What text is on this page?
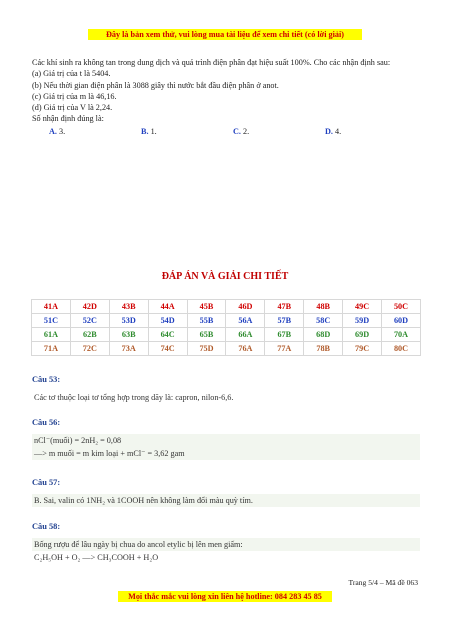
Đây là bản xem thử, vui lòng mua tài liệu để xem chi tiết (có lời giải)

Các khí sinh ra không tan trong dung dịch và quá trình điện phân đạt hiệu suất 100%. Cho các nhận định sau:

(a) Giá trị của t là 5404.

(b) Nếu thời gian điện phân là 3088 giây thì nước bắt đầu điện phân ở anot.

(c) Giá trị của m là 46,16.

(d) Giá trị của V là 2,24.

Số nhận định đúng là:

A. 3.	B. 1.	C. 2.	D. 4.
ĐÁP ÁN VÀ GIẢI CHI TIẾT
41A	42D	43B	44A	45B	46D	47B	48B	49C	50C
51C	52C	53D	54D	55B	56A	57B	58C	59D	60D
61A	62B	63B	64C	65B	66A	67B	68D	69D	70A
71A	72C	73A	74C	75D	76A	77A	78B	79C	80C
Câu 53:

Các tơ thuộc loại tơ tổng hợp trong dãy là: capron, nilon-6,6.

Câu 56:

nCl⁻(muối) = 2nH₂ = 0,08

—> m muối = m kim loại + mCl⁻ = 3,62 gam

Câu 57:

B. Sai, valin có 1NH₂ và 1COOH nên không làm đổi màu quỳ tím.

Câu 58:

Bống rượu để lâu ngày bị chua do ancol etylic bị lên men giấm:

C₂H₅OH + O₂ —> CH₃COOH + H₂O

Trang 5/4 – Mã đề 063
Mọi thắc mắc vui lòng xin liên hệ hotline: 084 283 45 85
